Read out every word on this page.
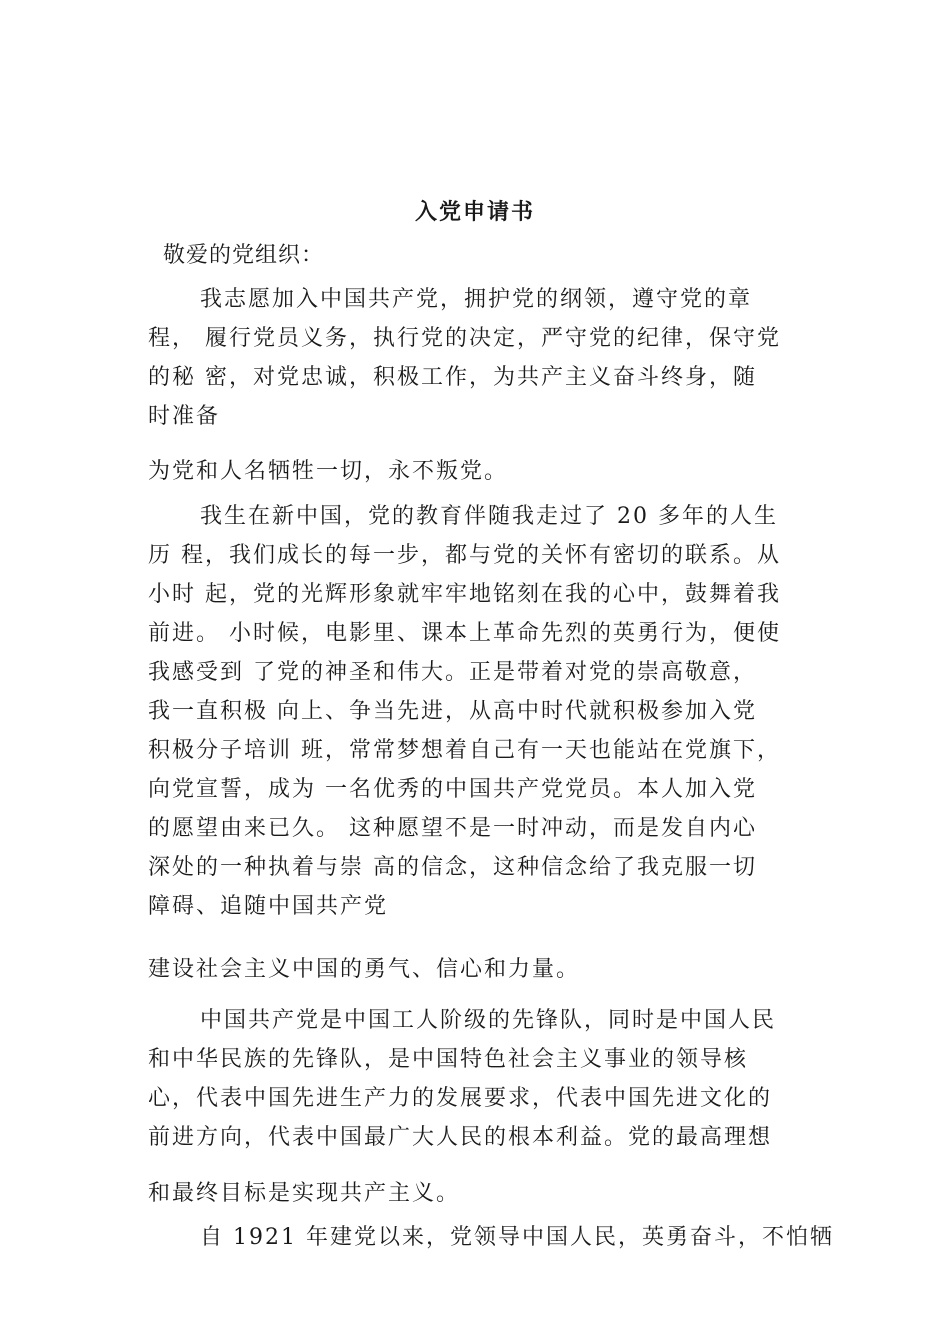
入党申请书
敬爱的党组织：
我志愿加入中国共产党，拥护党的纲领，遵守党的章
程， 履行党员义务，执行党的决定，严守党的纪律，保守党
的秘 密，对党忠诚，积极工作，为共产主义奋斗终身，随
时准备
为党和人名牺牲一切，永不叛党。
我生在新中国，党的教育伴随我走过了 20 多年的人生
历 程，我们成长的每一步，都与党的关怀有密切的联系。从
小时 起，党的光辉形象就牢牢地铭刻在我的心中，鼓舞着我
前进。 小时候，电影里、课本上革命先烈的英勇行为，便使
我感受到 了党的神圣和伟大。正是带着对党的崇高敬意，
我一直积极 向上、争当先进，从高中时代就积极参加入党
积极分子培训 班，常常梦想着自己有一天也能站在党旗下，
向党宣誓，成为 一名优秀的中国共产党党员。本人加入党
的愿望由来已久。 这种愿望不是一时冲动，而是发自内心
深处的一种执着与崇 高的信念，这种信念给了我克服一切
障碍、追随中国共产党
建设社会主义中国的勇气、信心和力量。
中国共产党是中国工人阶级的先锋队，同时是中国人民
和中华民族的先锋队，是中国特色社会主义事业的领导核
心，代表中国先进生产力的发展要求，代表中国先进文化的
前进方向，代表中国最广大人民的根本利益。党的最高理想
和最终目标是实现共产主义。
自 1921 年建党以来，党领导中国人民，英勇奋斗，不怕牺
